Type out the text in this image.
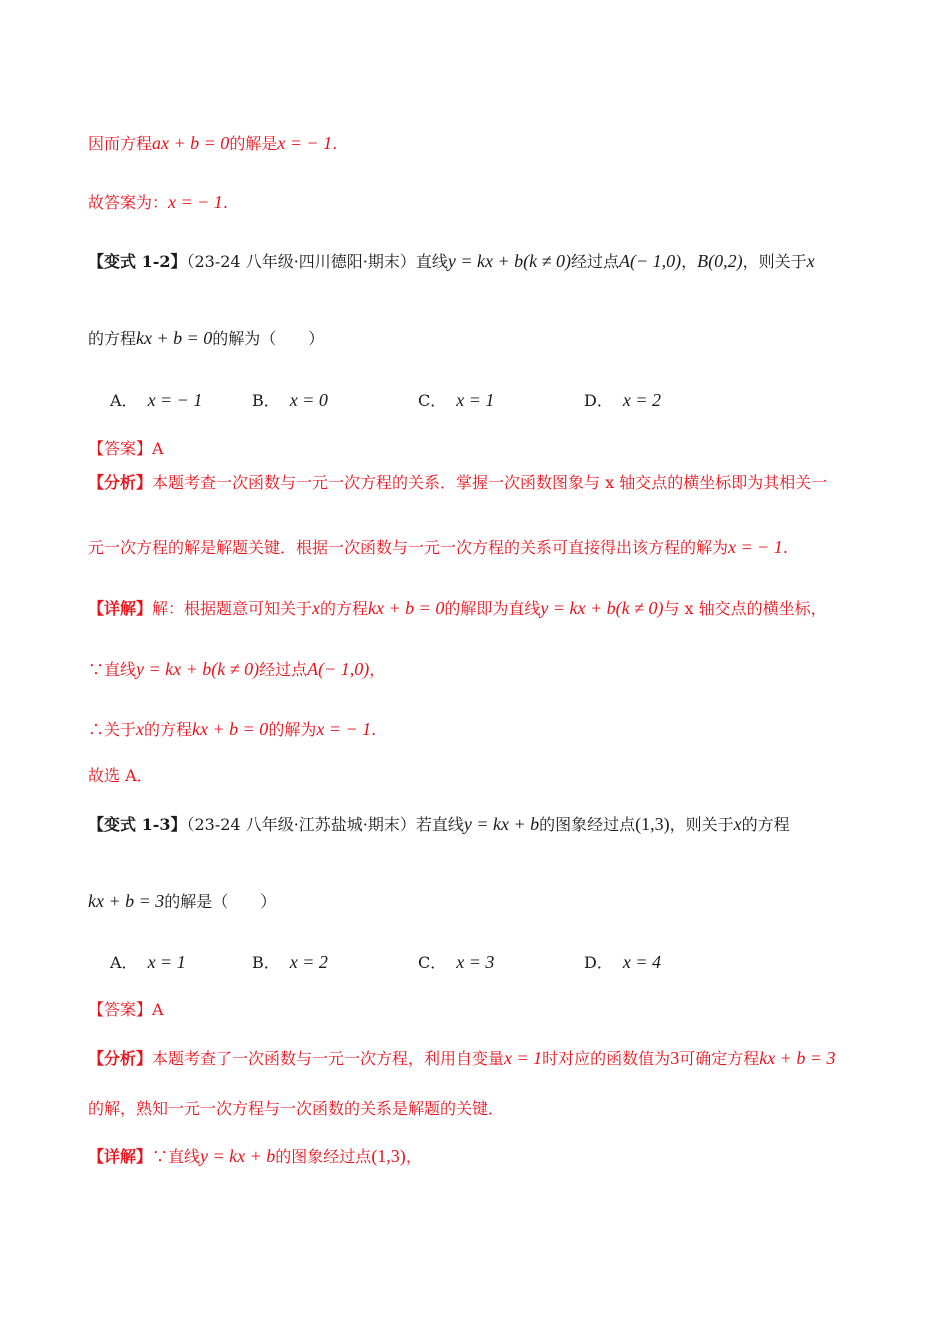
因而方程ax + b = 0的解是x = − 1.
故答案为：x = − 1.
【变式 1-2】（23-24 八年级·四川德阳·期末）直线y = kx + b(k ≠ 0)经过点A(− 1,0)，B(0,2)，则关于x
的方程kx + b = 0的解为（　　）
A． x = − 1	B． x = 0	C． x = 1	D． x = 2
【答案】A
【分析】本题考查一次函数与一元一次方程的关系．掌握一次函数图象与 x 轴交点的横坐标即为其相关一
元一次方程的解是解题关键．根据一次函数与一元一次方程的关系可直接得出该方程的解为x = − 1.
【详解】解：根据题意可知关于x的方程kx + b = 0的解即为直线y = kx + b(k ≠ 0)与 x 轴交点的横坐标，
∵直线y = kx + b(k ≠ 0)经过点A(− 1,0)，
∴关于x的方程kx + b = 0的解为x = − 1.
故选 A．
【变式 1-3】（23-24 八年级·江苏盐城·期末）若直线y = kx + b的图象经过点(1,3)，则关于x的方程
kx + b = 3的解是（　　）
A． x = 1	B． x = 2	C． x = 3	D． x = 4
【答案】A
【分析】本题考查了一次函数与一元一次方程，利用自变量x = 1时对应的函数值为3可确定方程kx + b = 3
的解，熟知一元一次方程与一次函数的关系是解题的关键．
【详解】∵直线y = kx + b的图象经过点(1,3)，
